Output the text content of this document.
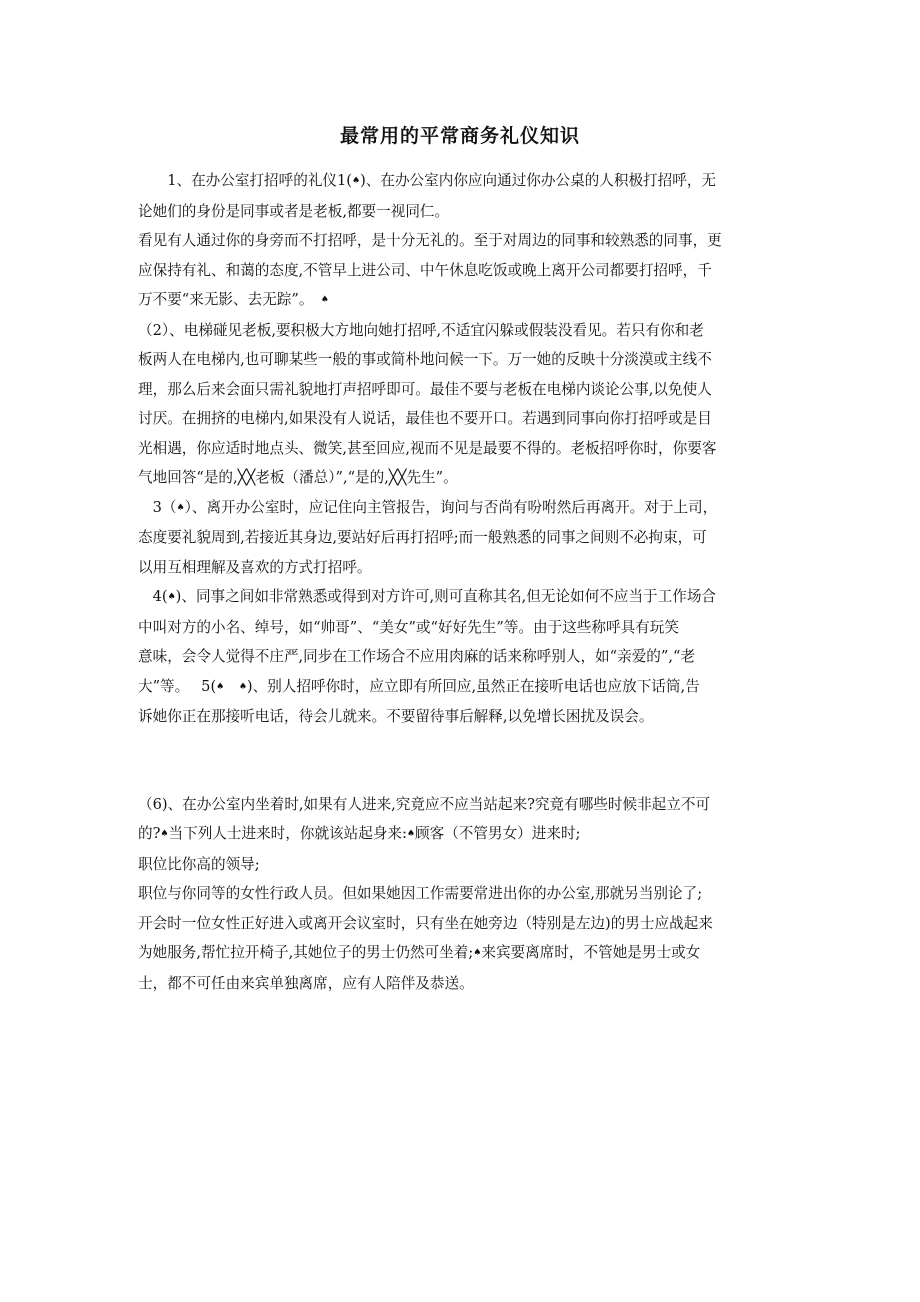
最常用的平常商务礼仪知识
　　1、在办公室打招呼的礼仪1(♠)、在办公室内你应向通过你办公桌的人积极打招呼，无
论她们的身份是同事或者是老板,都要一视同仁。
看见有人通过你的身旁而不打招呼，是十分无礼的。至于对周边的同事和较熟悉的同事，更
应保持有礼、和蔼的态度,不管早上进公司、中午休息吃饭或晚上离开公司都要打招呼，千
万不要“来无影、去无踪”。　♠
（2）、电梯碰见老板,要积极大方地向她打招呼,不适宜闪躲或假装没看见。若只有你和老
板两人在电梯内,也可聊某些一般的事或简朴地问候一下。万一她的反映十分淡漠或主线不
理，那么后来会面只需礼貌地打声招呼即可。最佳不要与老板在电梯内谈论公事,以免使人
讨厌。在拥挤的电梯内,如果没有人说话，最佳也不要开口。若遇到同事向你打招呼或是目
光相遇，你应适时地点头、微笑,甚至回应,视而不见是最要不得的。老板招呼你时，你要客
气地回答“是的,╳╳老板（潘总）”,“是的,╳╳先生”。
　3（♠）、离开办公室时，应记住向主管报告，询问与否尚有吩咐然后再离开。对于上司，
态度要礼貌周到,若接近其身边,要站好后再打招呼;而一般熟悉的同事之间则不必拘束，可
以用互相理解及喜欢的方式打招呼。
　4(♠)、同事之间如非常熟悉或得到对方许可,则可直称其名,但无论如何不应当于工作场合
中叫对方的小名、绰号，如“帅哥”、“美女”或“好好先生”等。由于这些称呼具有玩笑
意味，会令人觉得不庄严,同步在工作场合不应用肉麻的话来称呼别人，如“亲爱的”,“老
大”等。　 5(♠　 ♠)、别人招呼你时，应立即有所回应,虽然正在接听电话也应放下话筒,告
诉她你正在那接听电话，待会儿就来。不要留待事后解释,以免增长困扰及误会。
（6)、在办公室内坐着时,如果有人进来,究竟应不应当站起来?究竟有哪些时候非起立不可
的?♠当下列人士进来时，你就该站起身来:♠顾客（不管男女）进来时;
职位比你高的领导;
职位与你同等的女性行政人员。但如果她因工作需要常进出你的办公室,那就另当别论了;
开会时一位女性正好进入或离开会议室时，只有坐在她旁边（特别是左边)的男士应战起来
为她服务,帮忙拉开椅子,其她位子的男士仍然可坐着;♠来宾要离席时，不管她是男士或女
士，都不可任由来宾单独离席，应有人陪伴及恭送。
